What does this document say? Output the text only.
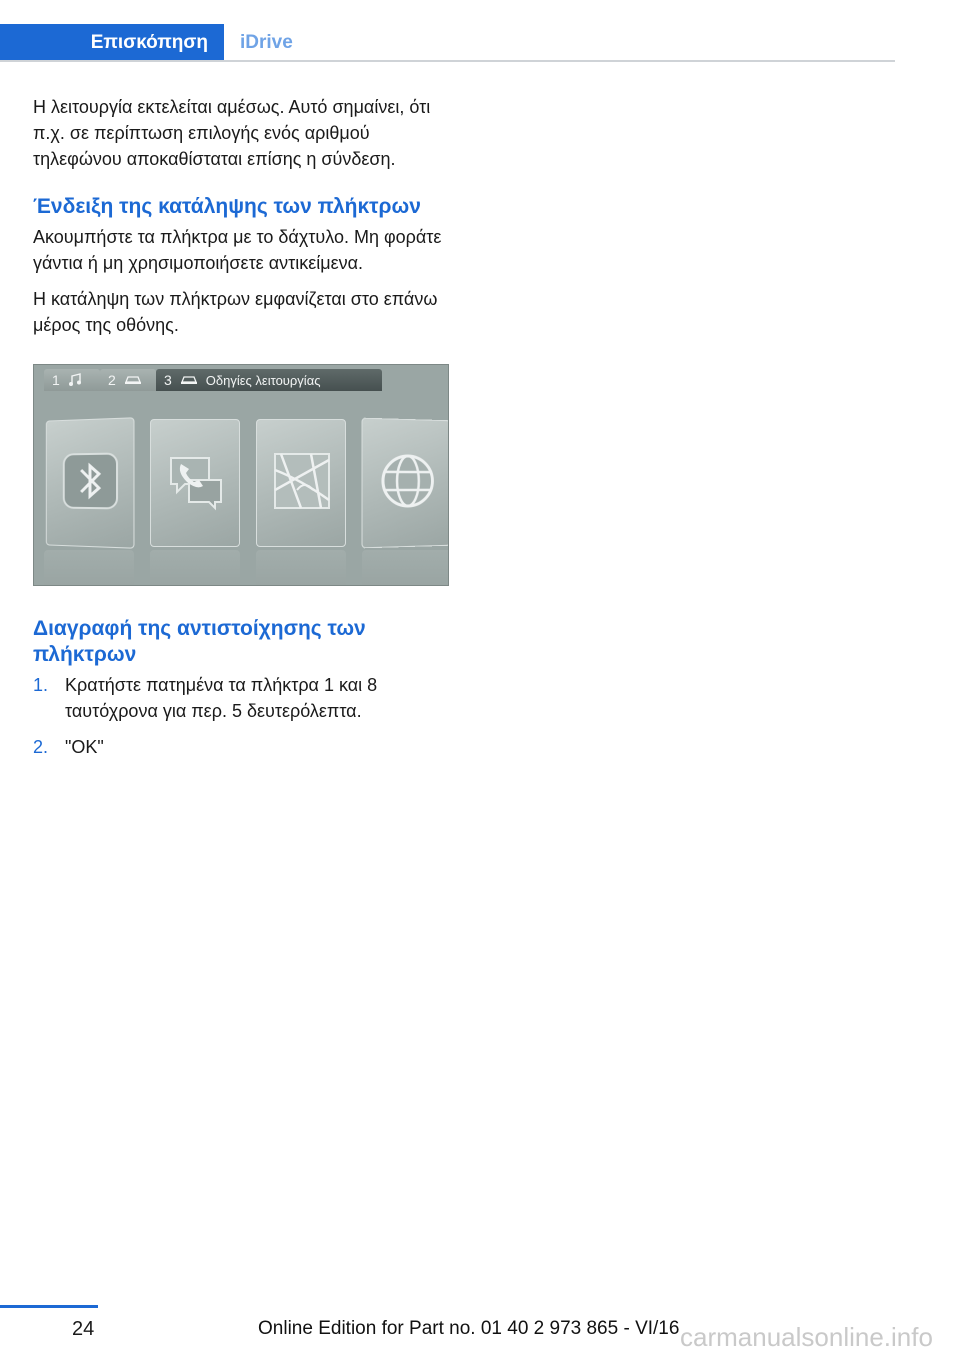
Επισκόπηση	iDrive

Η λειτουργία εκτελείται αμέσως. Αυτό σημαίνει, ότι π.χ. σε περίπτωση επιλογής ενός αριθμού τηλεφώνου αποκαθίσταται επίσης η σύνδεση.

Ένδειξη της κατάληψης των πλήκτρων

Ακουμπήστε τα πλήκτρα με το δάχτυλο. Μη φοράτε γάντια ή μη χρησιμοποιήσετε αντικείμενα.

Η κατάληψη των πλήκτρων εμφανίζεται στο επάνω μέρος της οθόνης.

1	2	3	Οδηγίες λειτουργίας
Διαγραφή της αντιστοίχησης των πλήκτρων
1. Κρατήστε πατημένα τα πλήκτρα 1 και 8 ταυτόχρονα για περ. 5 δευτερόλεπτα.
2. "OK"
24	Online Edition for Part no. 01 40 2 973 865 - VI/16 carmanualsonline.info
